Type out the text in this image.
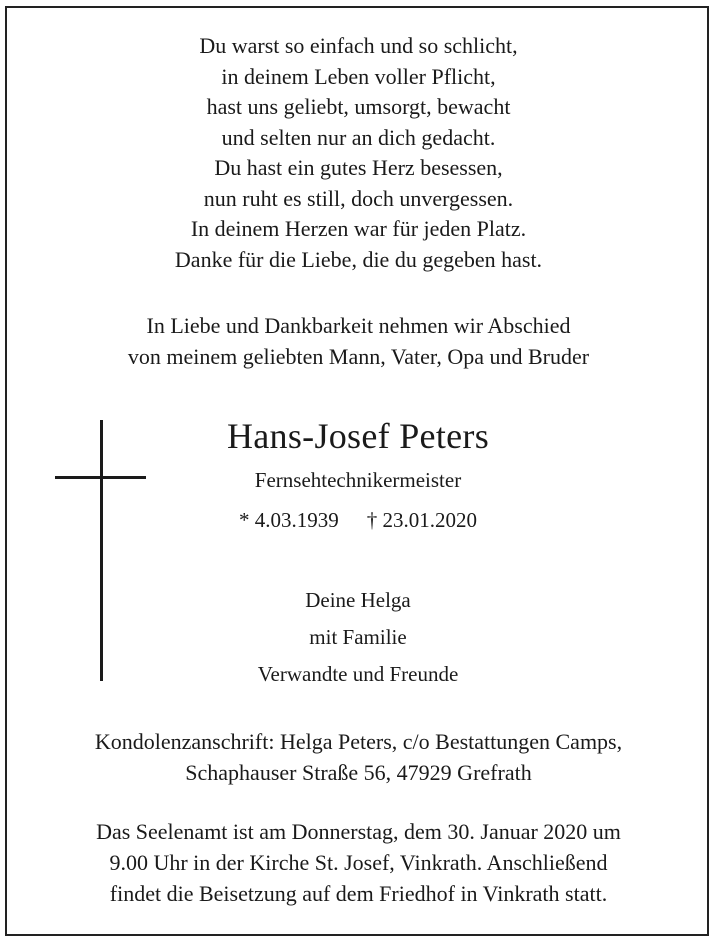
Du warst so einfach und so schlicht,
in deinem Leben voller Pflicht,
hast uns geliebt, umsorgt, bewacht
und selten nur an dich gedacht.
Du hast ein gutes Herz besessen,
nun ruht es still, doch unvergessen.
In deinem Herzen war für jeden Platz.
Danke für die Liebe, die du gegeben hast.
In Liebe und Dankbarkeit nehmen wir Abschied
von meinem geliebten Mann, Vater, Opa und Bruder
Hans-Josef Peters
Fernsehtechnikermeister
* 4.03.1939 † 23.01.2020
Deine Helga
mit Familie
Verwandte und Freunde
Kondolenzanschrift: Helga Peters, c/o Bestattungen Camps,
Schaphauser Straße 56, 47929 Grefrath
Das Seelenamt ist am Donnerstag, dem 30. Januar 2020 um
9.00 Uhr in der Kirche St. Josef, Vinkrath. Anschließend
findet die Beisetzung auf dem Friedhof in Vinkrath statt.
